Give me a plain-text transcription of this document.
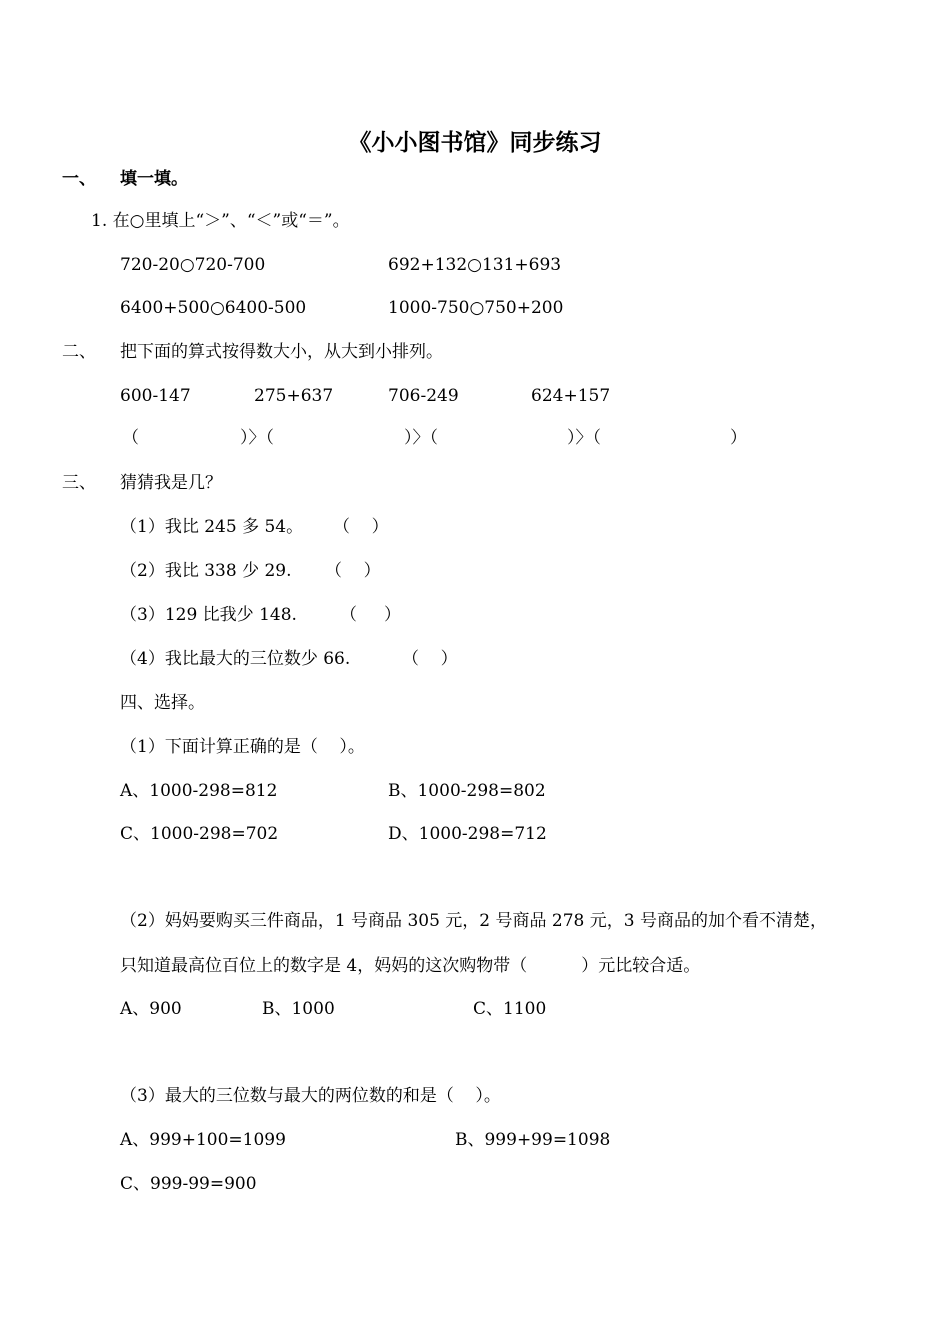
《小小图书馆》同步练习
一、 填一填。
1. 在○里填上“＞”、“＜”或“＝”。
720-20○720-700	692+132○131+693
6400+500○6400-500	1000-750○750+200
二、 把下面的算式按得数大小，从大到小排列。
600-147	275+637	706-249	624+157
（	）〉（	）〉（	）〉（	）
三、 猜猜我是几？
（1）我比 245 多 54。 （    ）
（2）我比 338 少 29. （    ）
（3）129 比我少 148.	（     ）
（4）我比最大的三位数少 66.	（    ）
四、选择。
（1）下面计算正确的是（    ）。
A、1000-298=812	B、1000-298=802
C、1000-298=702	D、1000-298=712
（2）妈妈要购买三件商品，1 号商品 305 元，2 号商品 278 元，3 号商品的加个看不清楚，
只知道最高位百位上的数字是 4，妈妈的这次购物带（          ）元比较合适。
A、900	B、1000	C、1100
（3）最大的三位数与最大的两位数的和是（    ）。
A、999+100=1099	B、999+99=1098
C、999-99=900
